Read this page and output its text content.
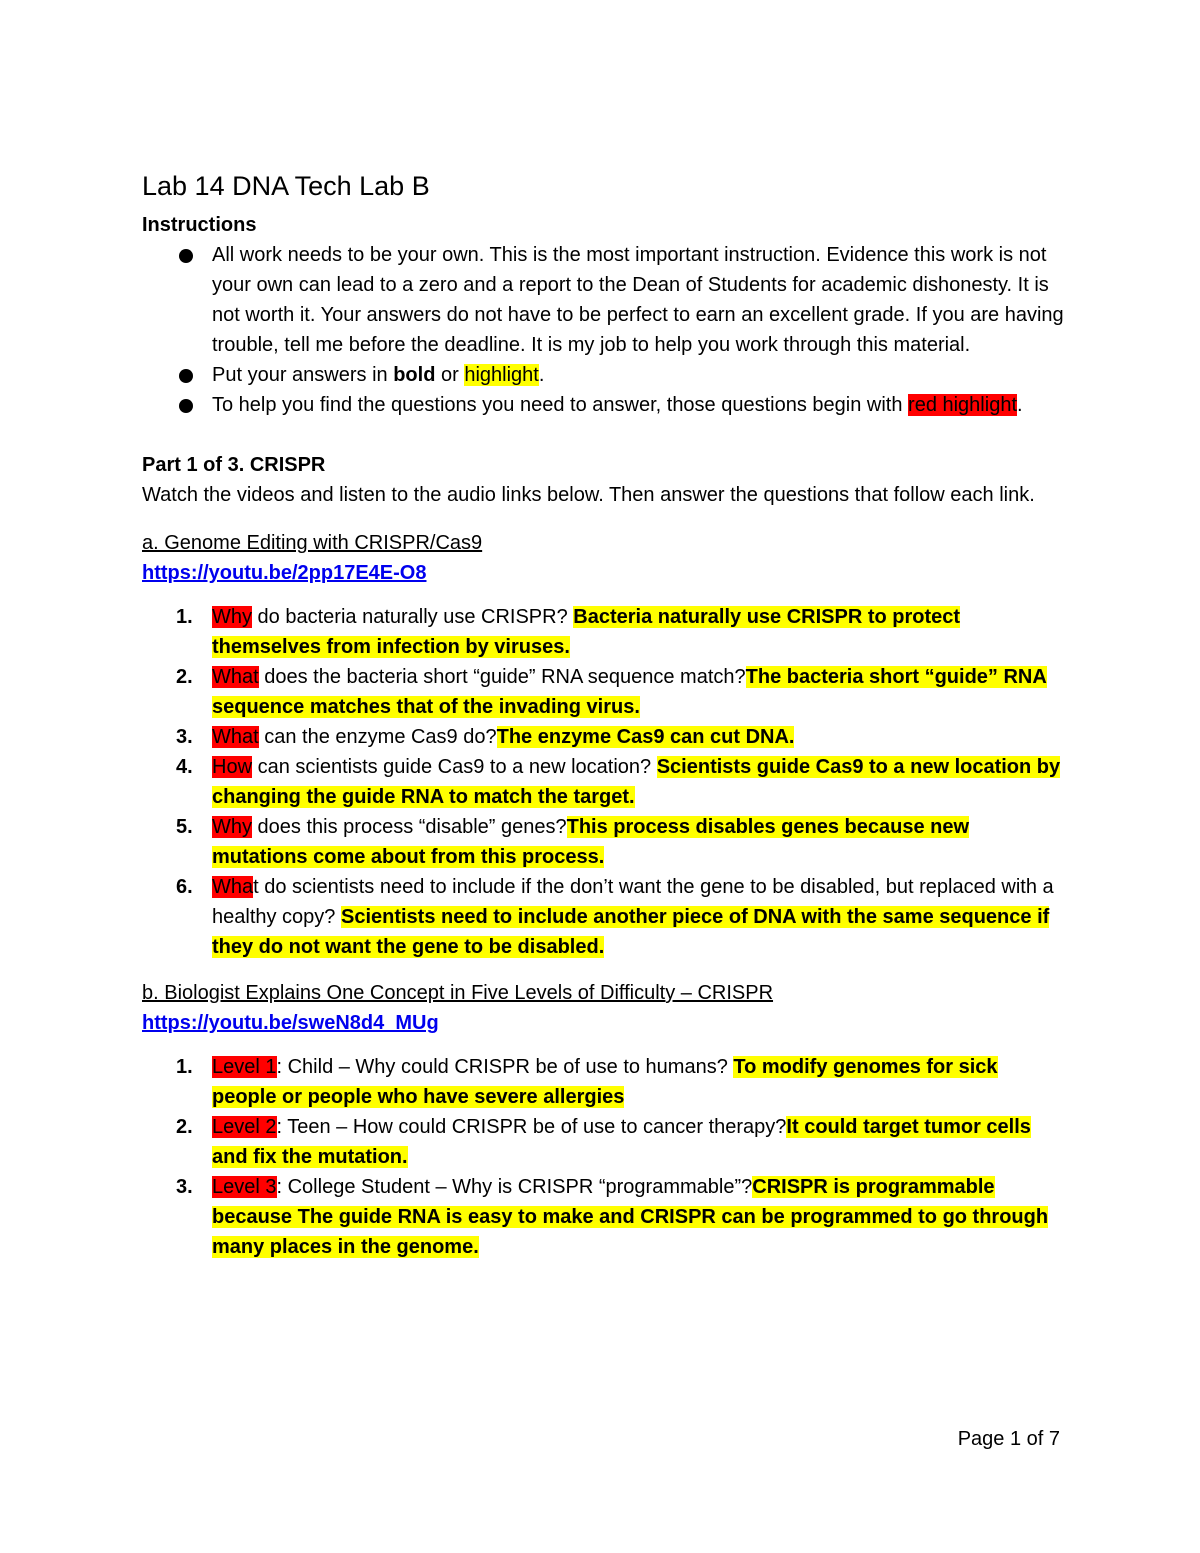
Lab 14 DNA Tech Lab B
Instructions
All work needs to be your own. This is the most important instruction. Evidence this work is not your own can lead to a zero and a report to the Dean of Students for academic dishonesty. It is not worth it. Your answers do not have to be perfect to earn an excellent grade. If you are having trouble, tell me before the deadline. It is my job to help you work through this material.
Put your answers in bold or highlight.
To help you find the questions you need to answer, those questions begin with red highlight.
Part 1 of 3. CRISPR
Watch the videos and listen to the audio links below. Then answer the questions that follow each link.
a. Genome Editing with CRISPR/Cas9
https://youtu.be/2pp17E4E-O8
1. Why do bacteria naturally use CRISPR? Bacteria naturally use CRISPR to protect themselves from infection by viruses.
2. What does the bacteria short “guide” RNA sequence match?The bacteria short “guide” RNA sequence matches that of the invading virus.
3. What can the enzyme Cas9 do?The enzyme Cas9 can cut DNA.
4. How can scientists guide Cas9 to a new location? Scientists guide Cas9 to a new location by changing the guide RNA to match the target.
5. Why does this process “disable” genes?This process disables genes because new mutations come about from this process.
6. What do scientists need to include if the don’t want the gene to be disabled, but replaced with a healthy copy? Scientists need to include another piece of DNA with the same sequence if they do not want the gene to be disabled.
b. Biologist Explains One Concept in Five Levels of Difficulty – CRISPR
https://youtu.be/sweN8d4_MUg
1. Level 1: Child – Why could CRISPR be of use to humans? To modify genomes for sick people or people who have severe allergies
2. Level 2: Teen – How could CRISPR be of use to cancer therapy?It could target tumor cells and fix the mutation.
3. Level 3: College Student – Why is CRISPR “programmable”?CRISPR is programmable because The guide RNA is easy to make and CRISPR can be programmed to go through many places in the genome.
Page 1 of 7
